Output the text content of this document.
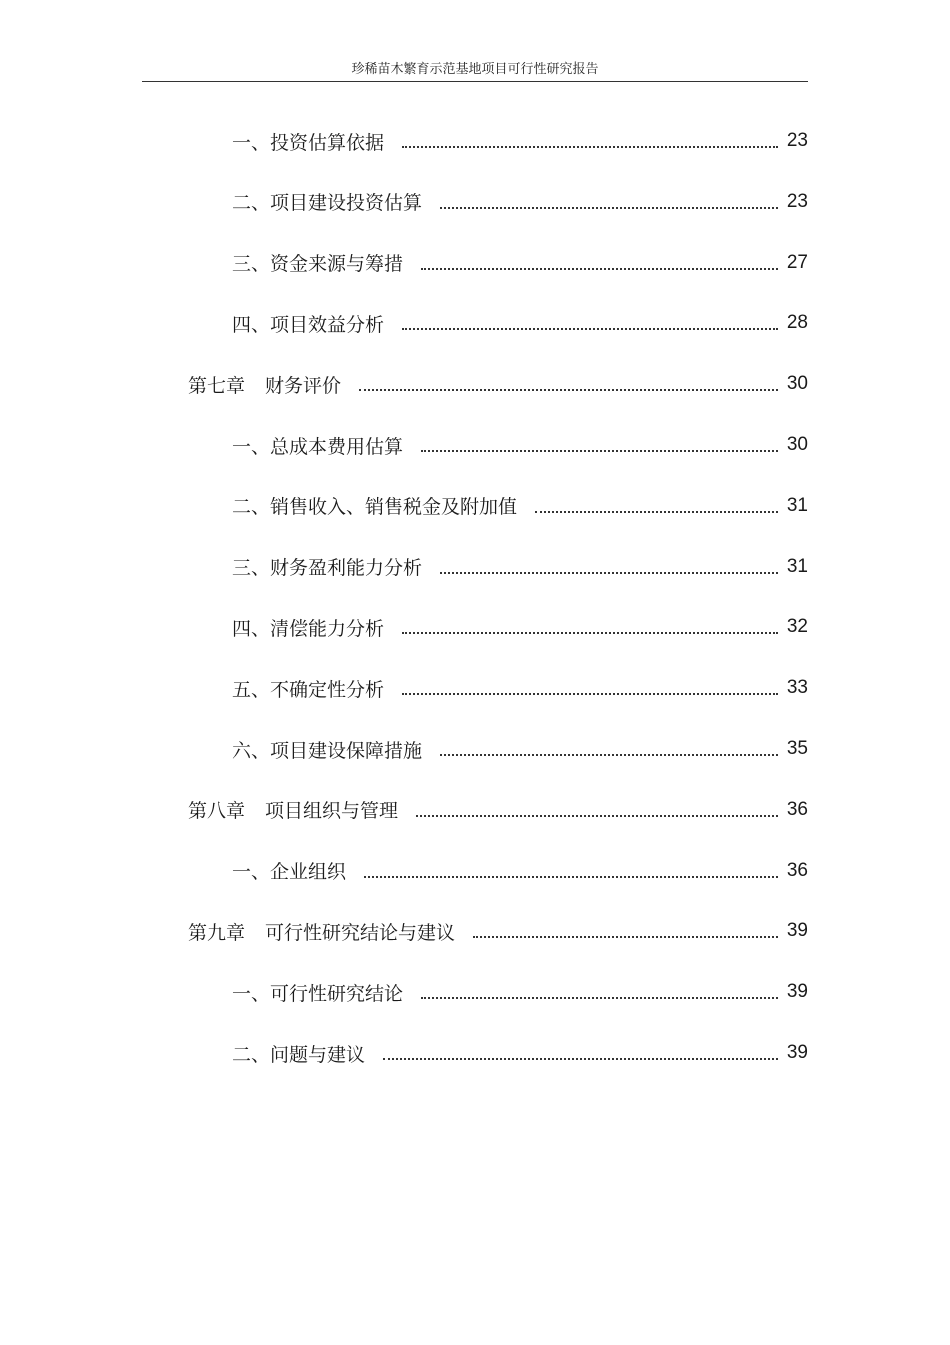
珍稀苗木繁育示范基地项目可行性研究报告
一、投资估算依据	23
二、项目建设投资估算	23
三、资金来源与筹措	27
四、项目效益分析	28
第七章 财务评价	30
一、总成本费用估算	30
二、销售收入、销售税金及附加值	31
三、财务盈利能力分析	31
四、清偿能力分析	32
五、不确定性分析	33
六、项目建设保障措施	35
第八章 项目组织与管理	36
一、企业组织	36
第九章 可行性研究结论与建议	39
一、可行性研究结论	39
二、问题与建议	39
